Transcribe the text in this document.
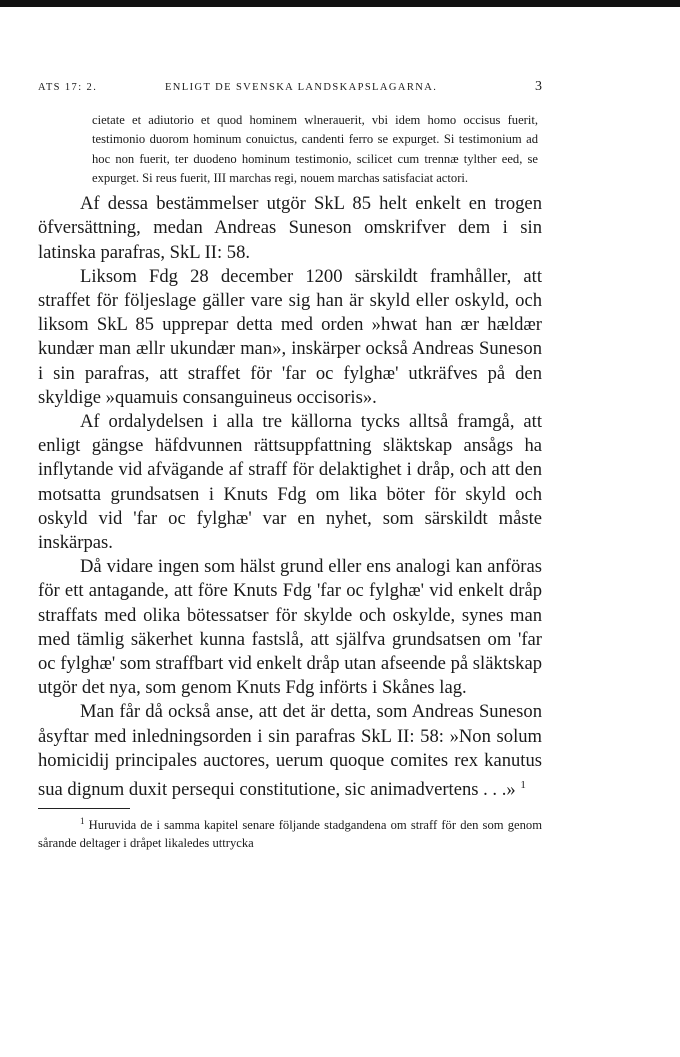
ATS 17: 2.	ENLIGT DE SVENSKA LANDSKAPSLAGARNA.	3
cietate et adiutorio et quod hominem wlnerauerit, vbi idem homo occisus fuerit, testimonio duorom hominum conuictus, candenti ferro se expurget. Si testimonium ad hoc non fuerit, ter duodeno hominum testimonio, scilicet cum trennæ tylther eed, se expurget. Si reus fuerit, III marchas regi, nouem marchas satisfaciat actori.

Af dessa bestämmelser utgör SkL 85 helt enkelt en trogen öfversättning, medan Andreas Suneson omskrifver dem i sin latinska parafras, SkL II: 58.

Liksom Fdg 28 december 1200 särskildt framhåller, att straffet för följeslage gäller vare sig han är skyld eller oskyld, och liksom SkL 85 upprepar detta med orden »hwat han ær hældær kundær man ællr ukundær man», inskärper också Andreas Suneson i sin parafras, att straffet för 'far oc fylghæ' utkräfves på den skyldige »quamuis consanguineus occisoris».

Af ordalydelsen i alla tre källorna tycks alltså framgå, att enligt gängse häfdvunnen rättsuppfattning släktskap ansågs ha inflytande vid afvägande af straff för delaktighet i dråp, och att den motsatta grundsatsen i Knuts Fdg om lika böter för skyld och oskyld vid 'far oc fylghæ' var en nyhet, som särskildt måste inskärpas.

Då vidare ingen som hälst grund eller ens analogi kan anföras för ett antagande, att före Knuts Fdg 'far oc fylghæ' vid enkelt dråp straffats med olika bötessatser för skylde och oskylde, synes man med tämlig säkerhet kunna fastslå, att själfva grundsatsen om 'far oc fylghæ' som straffbart vid enkelt dråp utan afseende på släktskap utgör det nya, som genom Knuts Fdg införts i Skånes lag.

Man får då också anse, att det är detta, som Andreas Suneson åsyftar med inledningsorden i sin parafras SkL II: 58: »Non solum homicidij principales auctores, uerum quoque comites rex kanutus sua dignum duxit persequi constitutione, sic animadvertens . . .» $^1$

$^1$ Huruvida de i samma kapitel senare följande stadgandena om straff för den som genom sårande deltager i dråpet likaledes uttrycka
